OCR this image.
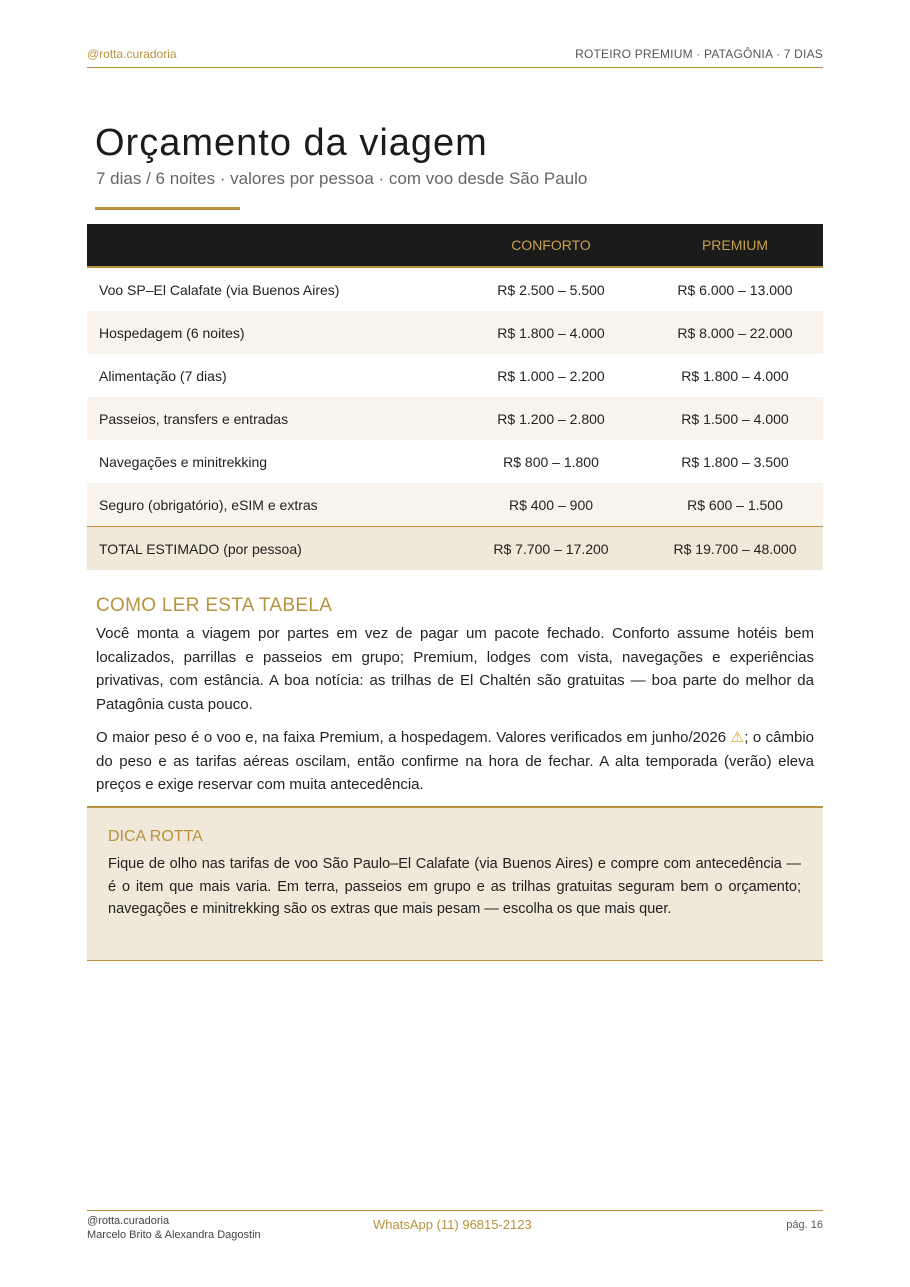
@rotta.curadoria	ROTEIRO PREMIUM · PATAGÔNIA · 7 DIAS
Orçamento da viagem

7 dias / 6 noites · valores por pessoa · com voo desde São Paulo

	CONFORTO	PREMIUM
Voo SP–El Calafate (via Buenos Aires)	R$ 2.500 – 5.500	R$ 6.000 – 13.000
Hospedagem (6 noites)	R$ 1.800 – 4.000	R$ 8.000 – 22.000
Alimentação (7 dias)	R$ 1.000 – 2.200	R$ 1.800 – 4.000
Passeios, transfers e entradas	R$ 1.200 – 2.800	R$ 1.500 – 4.000
Navegações e minitrekking	R$ 800 – 1.800	R$ 1.800 – 3.500
Seguro (obrigatório), eSIM e extras	R$ 400 – 900	R$ 600 – 1.500
TOTAL ESTIMADO (por pessoa)	R$ 7.700 – 17.200	R$ 19.700 – 48.000
COMO LER ESTA TABELA

Você monta a viagem por partes em vez de pagar um pacote fechado. Conforto assume hotéis bem localizados, parrillas e passeios em grupo; Premium, lodges com vista, navegações e experiências privativas, com estância. A boa notícia: as trilhas de El Chaltén são gratuitas — boa parte do melhor da Patagônia custa pouco.

O maior peso é o voo e, na faixa Premium, a hospedagem. Valores verificados em junho/2026 ⚠; o câmbio do peso e as tarifas aéreas oscilam, então confirme na hora de fechar. A alta temporada (verão) eleva preços e exige reservar com muita antecedência.

DICA ROTTA

Fique de olho nas tarifas de voo São Paulo–El Calafate (via Buenos Aires) e compre com antecedência — é o item que mais varia. Em terra, passeios em grupo e as trilhas gratuitas seguram bem o orçamento; navegações e minitrekking são os extras que mais pesam — escolha os que mais quer.

@rotta.curadoria
Marcelo Brito & Alexandra Dagostin
WhatsApp (11) 96815-2123	pág. 16
